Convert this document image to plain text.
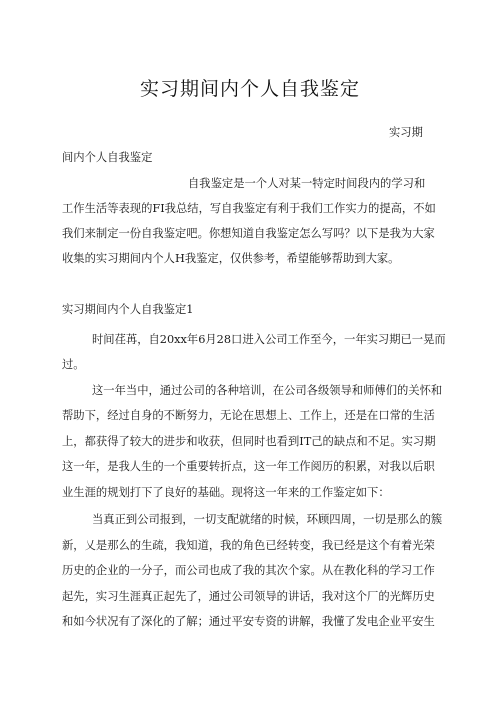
实习期间内个人自我鉴定
实习期
间内个人自我鉴定
自我鉴定是一个人对某一特定时间段内的学习和
工作生活等表现的FI我总结，写自我鉴定有利于我们工作实力的提高，不如
我们来制定一份自我鉴定吧。你想知道自我鉴定怎么写吗？以下是我为大家
收集的实习期间内个人H我鉴定，仅供参考，希望能够帮助到大家。
实习期间内个人自我鉴定1
时间荏苒，自20xx年6月28口进入公司工作至今，一年实习期已一晃而
过。
这一年当中，通过公司的各种培训，在公司各级领导和师傅们的关怀和
帮助下，经过自身的不断努力，无论在思想上、工作上，还是在口常的生活
上，都获得了较大的进步和收获，但同时也看到IT己的缺点和不足。实习期
这一年，是我人生的一个重要转折点，这一年工作阅历的积累，对我以后职
业生涯的规划打下了良好的基础。现将这一年来的工作鉴定如下：
当真正到公司报到，一切支配就绪的时候，环顾四周，一切是那么的簇
新，乂是那么的生疏，我知道，我的角色已经转变，我已经是这个有着光荣
历史的企业的一分子，而公司也成了我的其次个家。从在教化科的学习工作
起先，实习生涯真正起先了，通过公司领导的讲话，我对这个厂的光辉历史
和如今状况有了深化的了解；通过平安专资的讲解，我懂了发电企业平安生
